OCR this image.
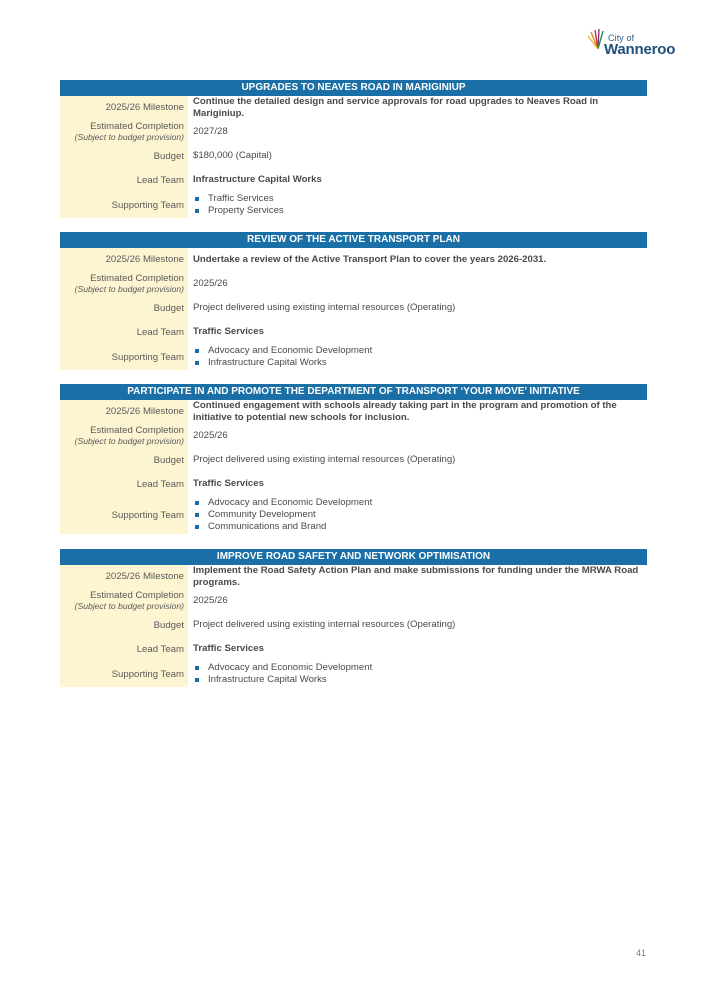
City of
Wanneroo
UPGRADES TO NEAVES ROAD IN MARIGINIUP
2025/26 Milestone
Continue the detailed design and service approvals for road upgrades to Neaves Road in Mariginiup.
Estimated Completion
(Subject to budget provision) 2027/28
Budget $180,000 (Capital)
Lead Team Infrastructure Capital Works
Supporting Team
Traffic Services
Property Services
REVIEW OF THE ACTIVE TRANSPORT PLAN
2025/26 Milestone Undertake a review of the Active Transport Plan to cover the years 2026-2031.
Estimated Completion
(Subject to budget provision) 2025/26
Budget Project delivered using existing internal resources (Operating)
Lead Team Traffic Services
Supporting Team
Advocacy and Economic Development
Infrastructure Capital Works
PARTICIPATE IN AND PROMOTE THE DEPARTMENT OF TRANSPORT ‘YOUR MOVE’ INITIATIVE
2025/26 Milestone
Continued engagement with schools already taking part in the program and promotion of the initiative to potential new schools for inclusion.
Estimated Completion
(Subject to budget provision) 2025/26
Budget Project delivered using existing internal resources (Operating)
Lead Team Traffic Services
Supporting Team
Advocacy and Economic Development
Community Development
Communications and Brand
IMPROVE ROAD SAFETY AND NETWORK OPTIMISATION
2025/26 Milestone
Implement the Road Safety Action Plan and make submissions for funding under the MRWA Road programs.
Estimated Completion
(Subject to budget provision) 2025/26
Budget Project delivered using existing internal resources (Operating)
Lead Team Traffic Services
Supporting Team
Advocacy and Economic Development
Infrastructure Capital Works
41
